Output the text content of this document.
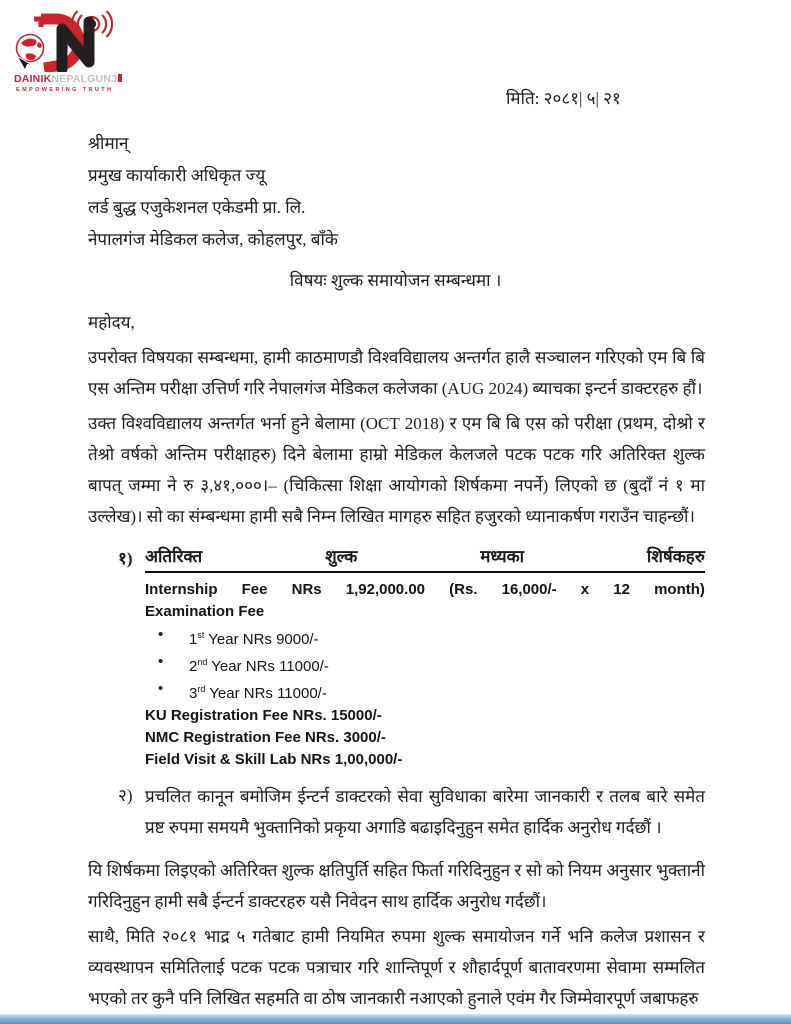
DAINIKNEPALGUNJ
EMPOWERING TRUTH	मिति: २०८१| ५| २१
श्रीमान्
प्रमुख कार्याकारी अधिकृत ज्यू
लर्ड बुद्ध एजुकेशनल एकेडमी प्रा. लि.
नेपालगंज मेडिकल कलेज, कोहलपुर, बाँके
विषयः शुल्क समायोजन सम्बन्धमा ।
महोदय,
उपरोक्त विषयका सम्बन्धमा, हामी काठमाणडौ विश्वविद्यालय अन्तर्गत हालै सञ्चालन गरिएको एम बि बि एस अन्तिम परीक्षा उत्तिर्ण गरि नेपालगंज मेडिकल कलेजका (AUG 2024) ब्याचका इन्टर्न डाक्टरहरु हौं।
उक्त विश्वविद्यालय अन्तर्गत भर्ना हुने बेलामा (OCT 2018) र एम बि बि एस को परीक्षा (प्रथम, दोश्रो र तेश्रो वर्षको अन्तिम परीक्षाहरु) दिने बेलामा हाम्रो मेडिकल केलजले पटक पटक गरि अतिरिक्त शुल्क बापत् जम्मा ने रु ३,४१,०००।– (चिकित्सा शिक्षा आयोगको शिर्षकमा नपर्ने) लिएको छ (बुदाँ नं १ मा उल्लेख)। सो का संम्बन्धमा हामी सबै निम्न लिखित मागहरु सहित हजुरको ध्यानाकर्षण गराउँन चाहन्छौं।
१) अतिरिक्त	शुल्क	मध्यका	शिर्षकहरु
Internship Fee NRs 1,92,000.00 (Rs. 16,000/- x 12 month)
Examination Fee
•	1st Year NRs 9000/-
•	2nd Year NRs 11000/-
•	3rd Year NRs 11000/-
KU Registration Fee NRs. 15000/-
NMC Registration Fee NRs. 3000/-
Field Visit & Skill Lab NRs 1,00,000/-
२) प्रचलित कानून बमोजिम ईन्टर्न डाक्टरको सेवा सुविधाका बारेमा जानकारी र तलब बारे समेत प्रष्ट रुपमा समयमै भुक्तानिको प्रकृया अगाडि बढाइदिनुहुन समेत हार्दिक अनुरोध गर्दछौं ।
यि शिर्षकमा लिइएको अतिरिक्त शुल्क क्षतिपुर्ति सहित फिर्ता गरिदिनुहुन र सो को नियम अनुसार भुक्तानी गरिदिनुहुन हामी सबै ईन्टर्न डाक्टरहरु यसै निवेदन साथ हार्दिक अनुरोध गर्दछौं।
साथै, मिति २०८१ भाद्र ५ गतेबाट हामी नियमित रुपमा शुल्क समायोजन गर्ने भनि कलेज प्रशासन र व्यवस्थापन समितिलाई पटक पटक पत्राचार गरि शान्तिपूर्ण र शौहार्दपूर्ण बातावरणमा सेवामा सम्मलित भएको तर कुनै पनि लिखित सहमति वा ठोष जानकारी नआएको हुनाले एवंम गैर जिम्मेवारपूर्ण जबाफहरु
